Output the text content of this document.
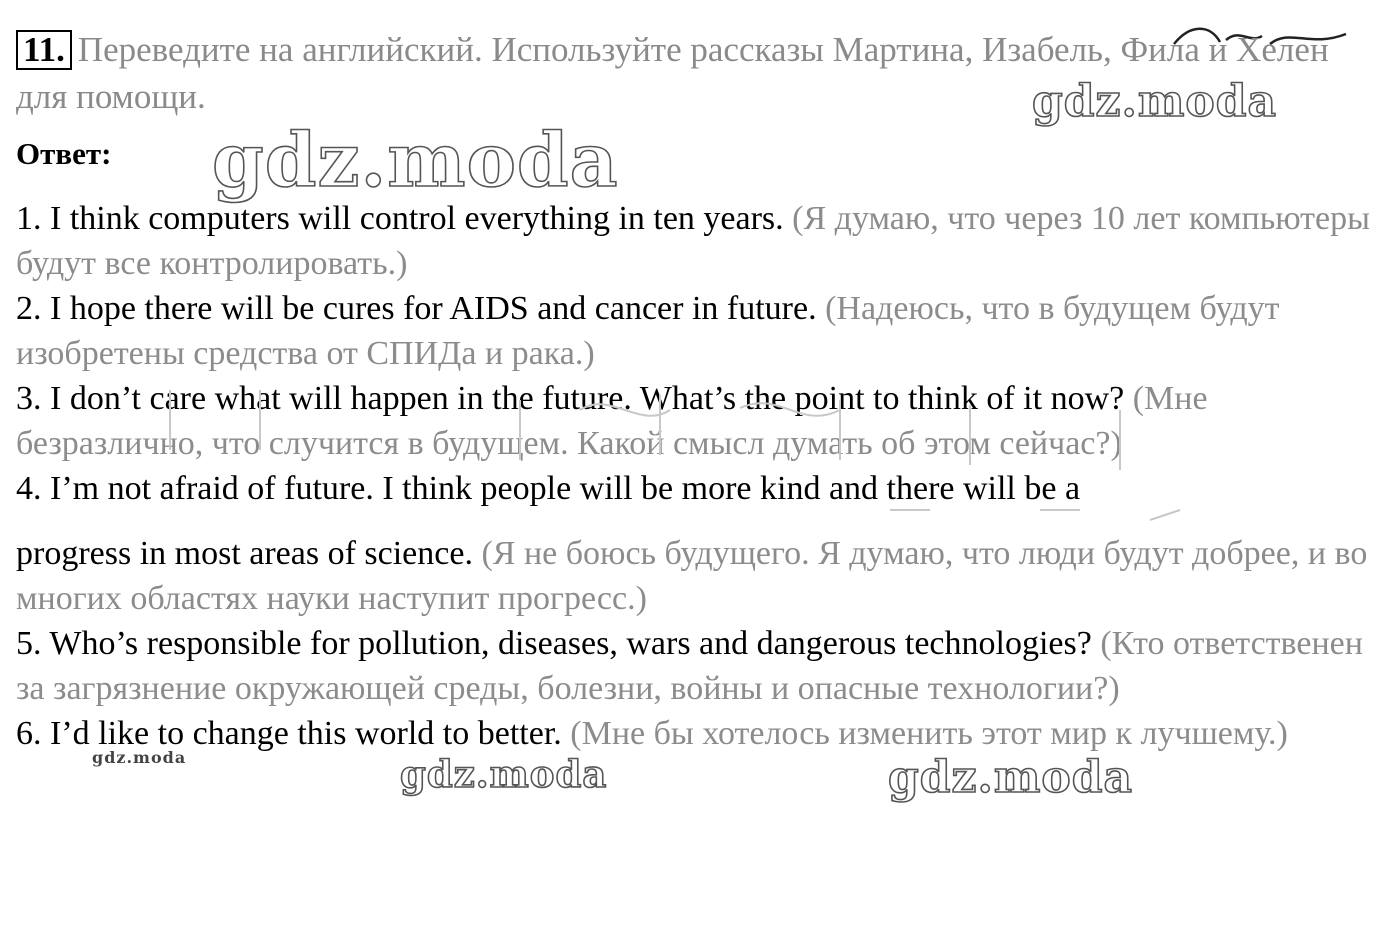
11. Переведите на английский. Используйте рассказы Мартина, Изабель, Фила и Хелен для помощи.
Ответ:

1. I think computers will control everything in ten years. (Я думаю, что через 10 лет компьютеры будут все контролировать.)

2. I hope there will be cures for AIDS and cancer in future. (Надеюсь, что в будущем будут изобретены средства от СПИДа и рака.)

3. I don’t care what will happen in the future. What’s the point to think of it now? (Мне безразлично, что случится в будущем. Какой смысл думать об этом сейчас?)

4. I’m not afraid of future. I think people will be more kind and there will be a

progress in most areas of science. (Я не боюсь будущего. Я думаю, что люди будут добрее, и во многих областях науки наступит прогресс.)

5. Who’s responsible for pollution, diseases, wars and dangerous technologies? (Кто ответственен за загрязнение окружающей среды, болезни, войны и опасные технологии?)

6. I’d like to change this world to better. (Мне бы хотелось изменить этот мир к лучшему.)

gdz.moda
gdz.moda
gdz.moda	gdz.moda
gdz.moda
